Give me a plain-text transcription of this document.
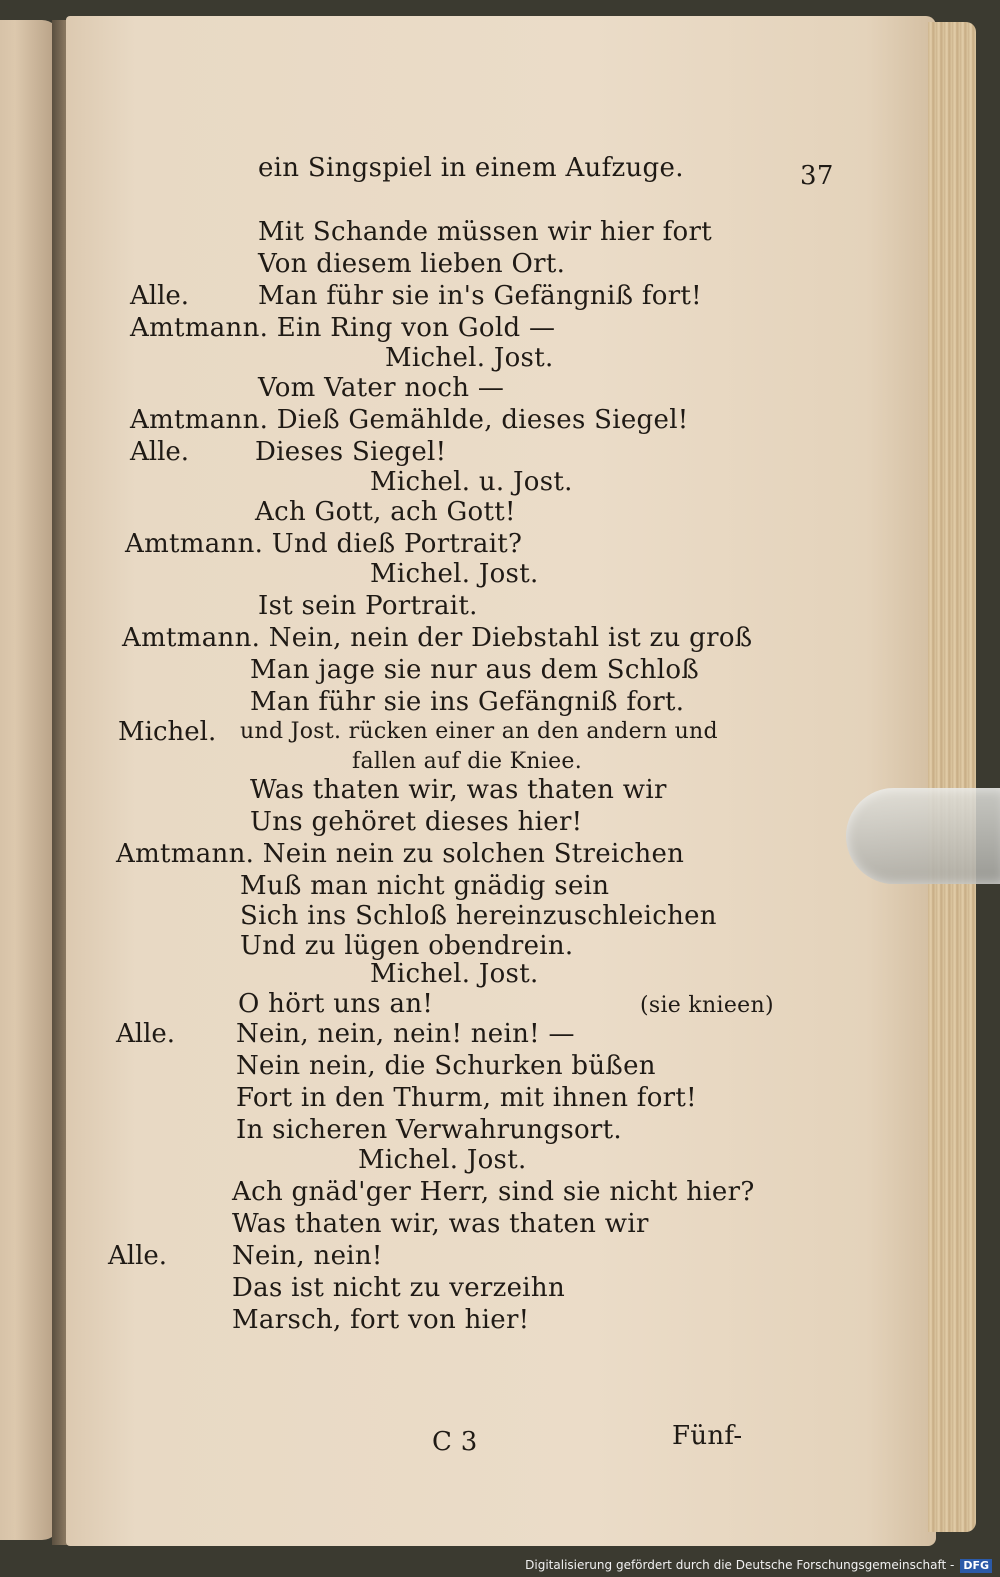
ein Singspiel in einem Aufzuge.	37
Mit Schande müssen wir hier fort
Von diesem lieben Ort.
Alle.	Man führ sie in's Gefängniß fort!
Amtmann. Ein Ring von Gold —
Michel. Jost.
Vom Vater noch —
Amtmann. Dieß Gemählde, dieses Siegel!
Alle.	Dieses Siegel!
Michel. u. Jost.
Ach Gott, ach Gott!
Amtmann. Und dieß Portrait?
Michel. Jost.
Ist sein Portrait.
Amtmann. Nein, nein der Diebstahl ist zu groß
Man jage sie nur aus dem Schloß
Man führ sie ins Gefängniß fort.
Michel. und Jost. rücken einer an den andern und
fallen auf die Kniee.
Was thaten wir, was thaten wir
Uns gehöret dieses hier!
Amtmann. Nein nein zu solchen Streichen
Muß man nicht gnädig sein
Sich ins Schloß hereinzuschleichen
Und zu lügen obendrein.
Michel. Jost.
O hört uns an!	(sie knieen)
Alle. Nein, nein, nein! nein! —
Nein nein, die Schurken büßen
Fort in den Thurm, mit ihnen fort!
In sicheren Verwahrungsort.
Michel. Jost.
Ach gnäd'ger Herr, sind sie nicht hier?
Was thaten wir, was thaten wir
Alle. Nein, nein!
Das ist nicht zu verzeihn
Marsch, fort von hier!
C 3	Fünf-
Digitalisierung gefördert durch die Deutsche Forschungsgemeinschaft - DFG
